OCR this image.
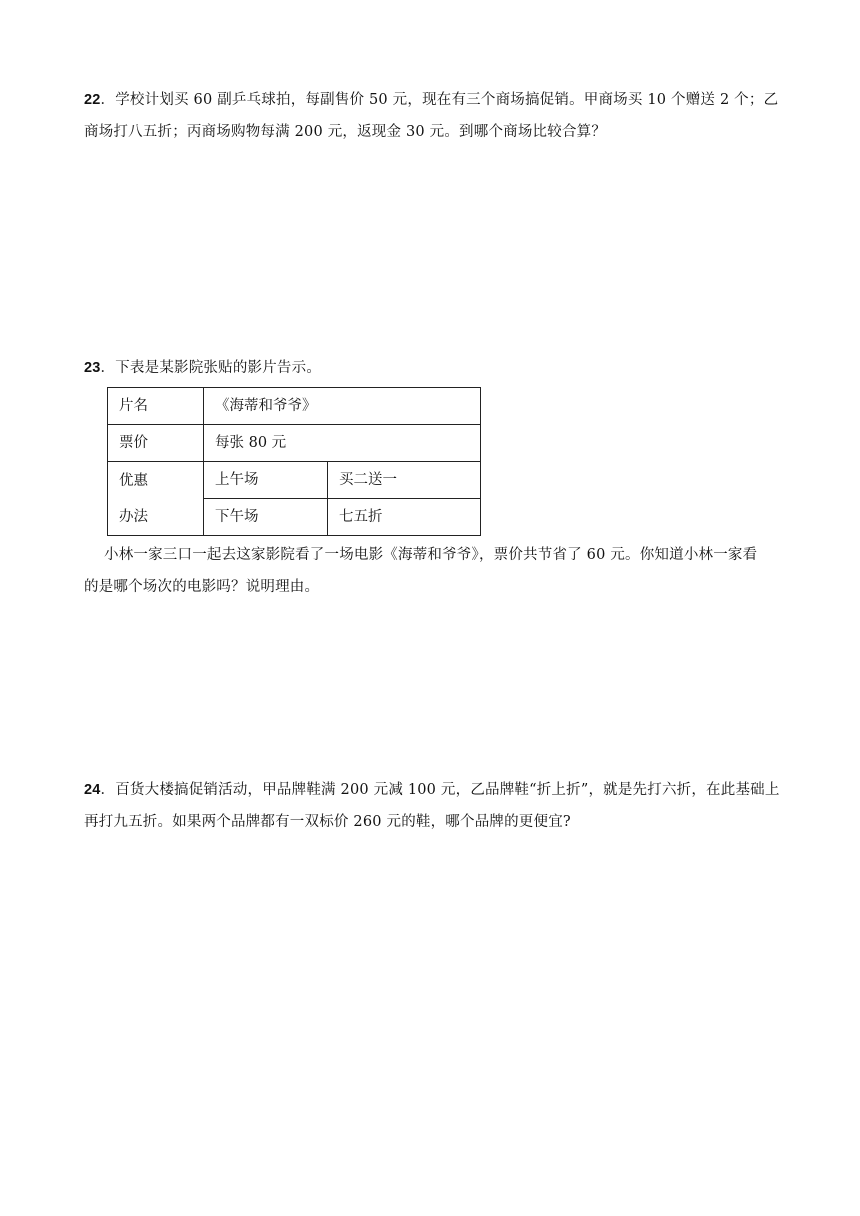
22．学校计划买 60 副乒乓球拍，每副售价 50 元，现在有三个商场搞促销。甲商场买 10 个赠送 2 个；乙
商场打八五折；丙商场购物每满 200 元，返现金 30 元。到哪个商场比较合算？
23．下表是某影院张贴的影片告示。
片名	《海蒂和爷爷》	
票价	每张 80 元	

优惠
办法	上午场	买二送一
	下午场	七五折
小林一家三口一起去这家影院看了一场电影《海蒂和爷爷》，票价共节省了 60 元。你知道小林一家看
的是哪个场次的电影吗？说明理由。
24．百货大楼搞促销活动，甲品牌鞋满 200 元减 100 元，乙品牌鞋“折上折”，就是先打六折，在此基础上
再打九五折。如果两个品牌都有一双标价 260 元的鞋，哪个品牌的更便宜?
